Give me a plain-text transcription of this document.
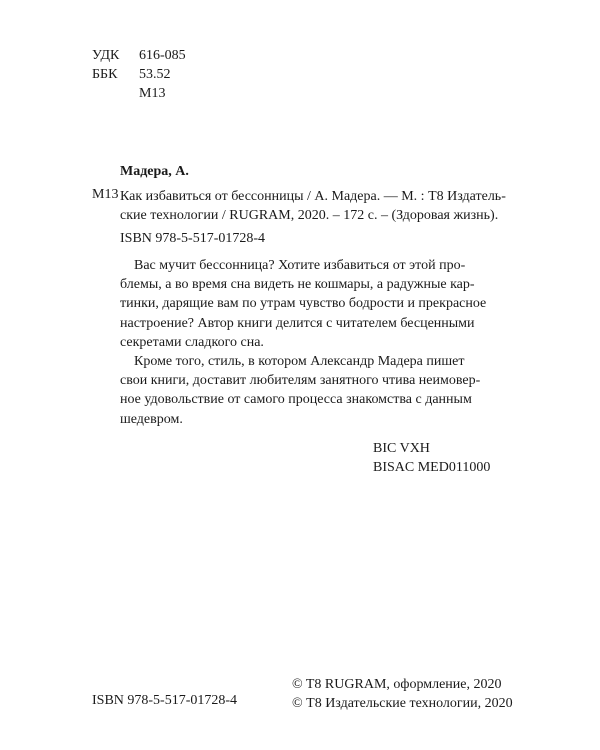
УДК 616-085
ББК 53.52
М13
Мадера, А.
М13 Как избавиться от бессонницы / А. Мадера. — М. : Т8 Издатель-
ские технологии / RUGRAM, 2020. – 172 с. – (Здоровая жизнь).
ISBN 978-5-517-01728-4
Вас мучит бессонница? Хотите избавиться от этой про-
блемы, а во время сна видеть не кошмары, а радужные кар-
тинки, дарящие вам по утрам чувство бодрости и прекрасное
настроение? Автор книги делится с читателем бесценными
секретами сладкого сна.
Кроме того, стиль, в котором Александр Мадера пишет
свои книги, доставит любителям занятного чтива неимовер-
ное удовольствие от самого процесса знакомства с данным
шедевром.
BIC VXH
BISAC MED011000
ISBN 978-5-517-01728-4
© T8 RUGRAM, оформление, 2020
© Т8 Издательские технологии, 2020
